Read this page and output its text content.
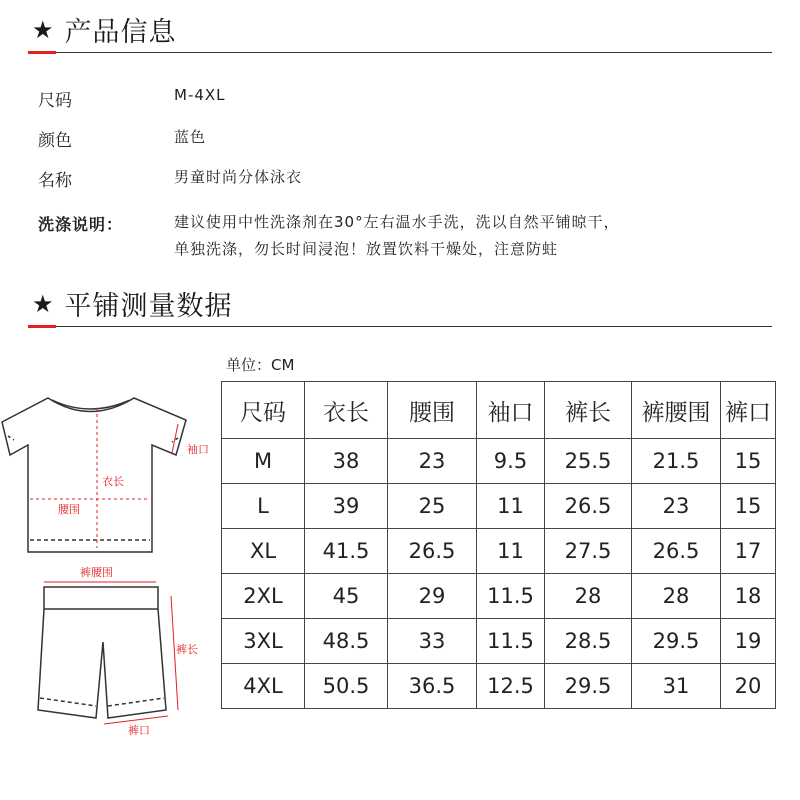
★ 产品信息
尺码	M-4XL
颜色	蓝色
名称	男童时尚分体泳衣
洗涤说明：	建议使用中性洗涤剂在30°左右温水手洗，洗以自然平铺晾干，
单独洗涤，勿长时间浸泡！放置饮料干燥处，注意防蛀
★ 平铺测量数据
单位：CM
袖口
衣长
腰围
裤腰围
裤长
裤口
尺码	衣长	腰围	袖口	裤长	裤腰围	裤口
M	38	23	9.5	25.5	21.5	15
L	39	25	11	26.5	23	15
XL	41.5	26.5	11	27.5	26.5	17
2XL	45	29	11.5	28	28	18
3XL	48.5	33	11.5	28.5	29.5	19
4XL	50.5	36.5	12.5	29.5	31	20
